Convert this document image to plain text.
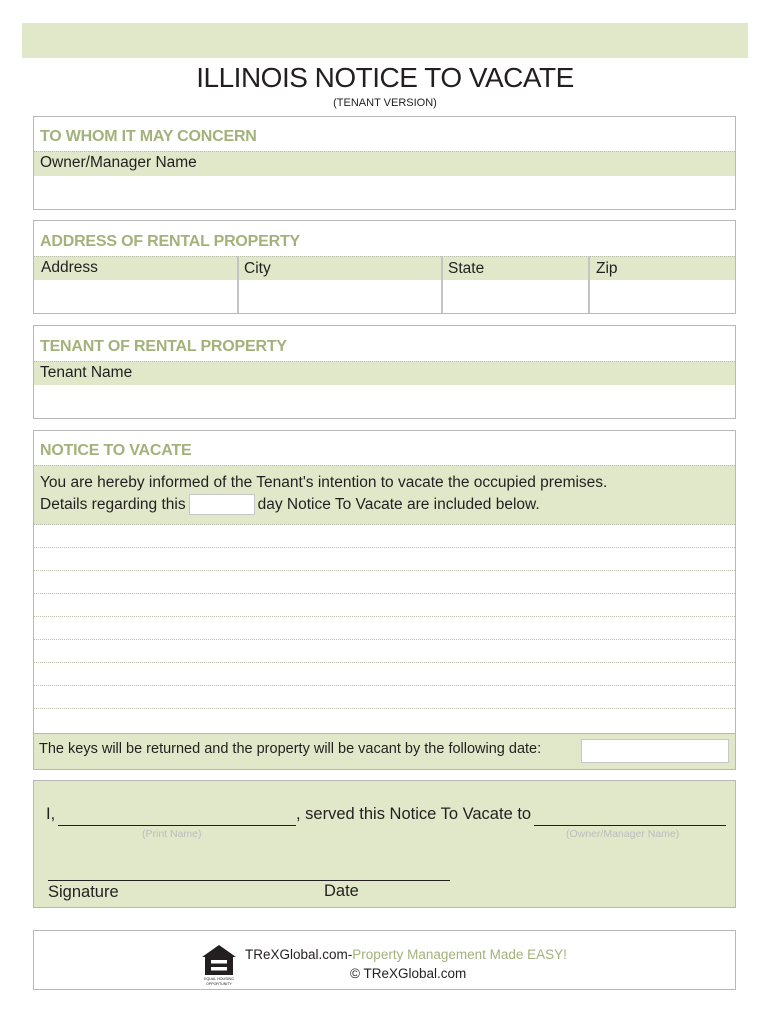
ILLINOIS NOTICE TO VACATE
(TENANT VERSION)
TO WHOM IT MAY CONCERN
Owner/Manager Name
ADDRESS OF RENTAL PROPERTY
Address	City	State	Zip
TENANT OF RENTAL PROPERTY
Tenant Name
NOTICE TO VACATE
You are hereby informed of the Tenant's intention to vacate the occupied premises.
Details regarding this	day Notice To Vacate are included below.
The keys will be returned and the property will be vacant by the following date:
I,	, served this Notice To Vacate to
(Print Name)	(Owner/Manager Name)
Signature	Date
EQUAL HOUSING OPPORTUNITY
TReXGlobal.com-Property Management Made EASY!
© TReXGlobal.com
